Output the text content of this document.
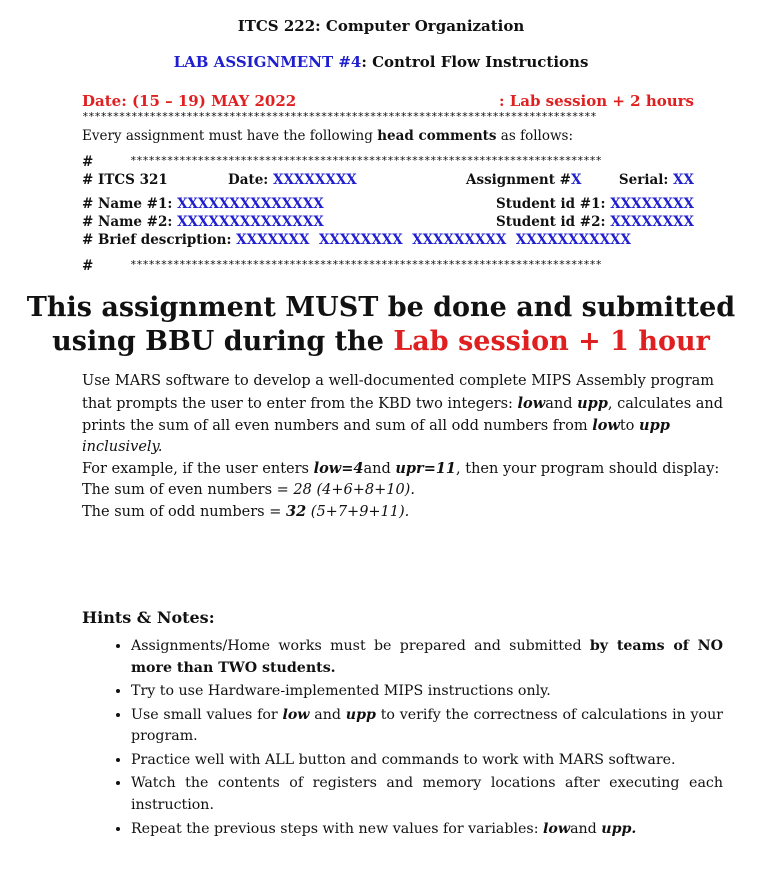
ITCS 222: Computer Organization
LAB ASSIGNMENT #4: Control Flow Instructions
Date: (15 – 19) MAY 2022	: Lab session + 2 hours
************************************************************************************
Every assignment must have the following head comments as follows:
#	*****************************************************************************
# ITCS 321	Date: XXXXXXXX	Assignment #X	Serial: XX
# Name #1: XXXXXXXXXXXXXX	Student id #1: XXXXXXXX
# Name #2: XXXXXXXXXXXXXX	Student id #2: XXXXXXXX
# Brief description: XXXXXXX XXXXXXXX XXXXXXXXX XXXXXXXXXXX
#	*****************************************************************************
This assignment MUST be done and submitted
using BBU during the Lab session + 1 hour
Use MARS software to develop a well-documented complete MIPS Assembly program
that prompts the user to enter from the KBD two integers: lowand upp, calculates and
prints the sum of all even numbers and sum of all odd numbers from lowto upp
inclusively.
For example, if the user enters low=4and upr=11, then your program should display:
The sum of even numbers = 28 (4+6+8+10).
The sum of odd numbers = 32 (5+7+9+11).
Hints & Notes:
• Assignments/Home works must be prepared and submitted by teams of NO more than TWO students.
• Try to use Hardware-implemented MIPS instructions only.
• Use small values for low and upp to verify the correctness of calculations in your program.
• Practice well with ALL button and commands to work with MARS software.
• Watch the contents of registers and memory locations after executing each instruction.
• Repeat the previous steps with new values for variables: lowand upp.
